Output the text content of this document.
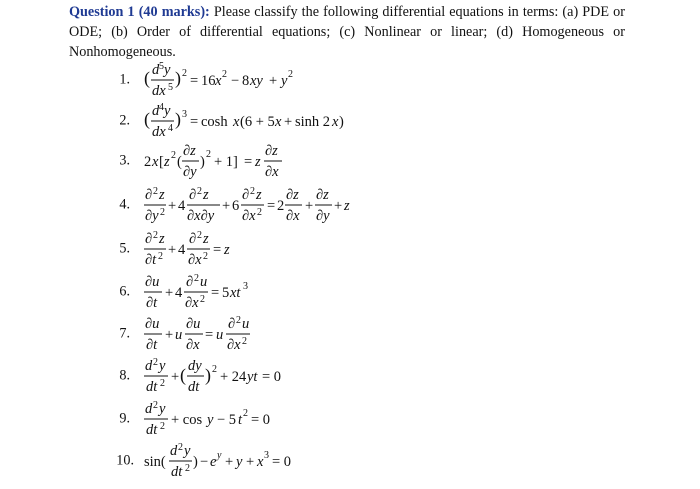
Question 1 (40 marks): Please classify the following differential equations in terms: (a) PDE or ODE; (b) Order of differential equations; (c) Nonlinear or linear; (d) Homogeneous or Nonhomogeneous.
1. ( d 5 y
dx 5 ) 2 = 16 x 2 − 8 xy + y 2
2. ( d 4 y
dx 4 ) 3 = cosh x (6 + 5 x + sinh 2 x )
3. 2 x [ z 2 (
∂z
∂y
) 2 + 1] = z
∂z
∂x
4.
∂ 2 z
∂y 2 + 4
∂ 2 z
∂x∂y
+ 6
∂ 2 z
∂x 2 = 2
∂z
∂x
+
∂z
∂y
+ z
5.
∂ 2 z
∂t 2 + 4
∂ 2 z
∂x 2 = z
6.
∂u
∂t
+ 4
∂ 2 u
∂x 2 = 5 xt 3
7.
∂u
∂t
+ u
∂u
∂x
= u
∂ 2 u
∂x 2
8.
d 2 y
dt 2 + ( dy
dt
) 2 + 24 yt = 0
9.
d 2 y
dt 2 + cos y − 5 t 2 = 0
10. sin(
d 2 y
dt 2 ) − e y + y + x 3 = 0
